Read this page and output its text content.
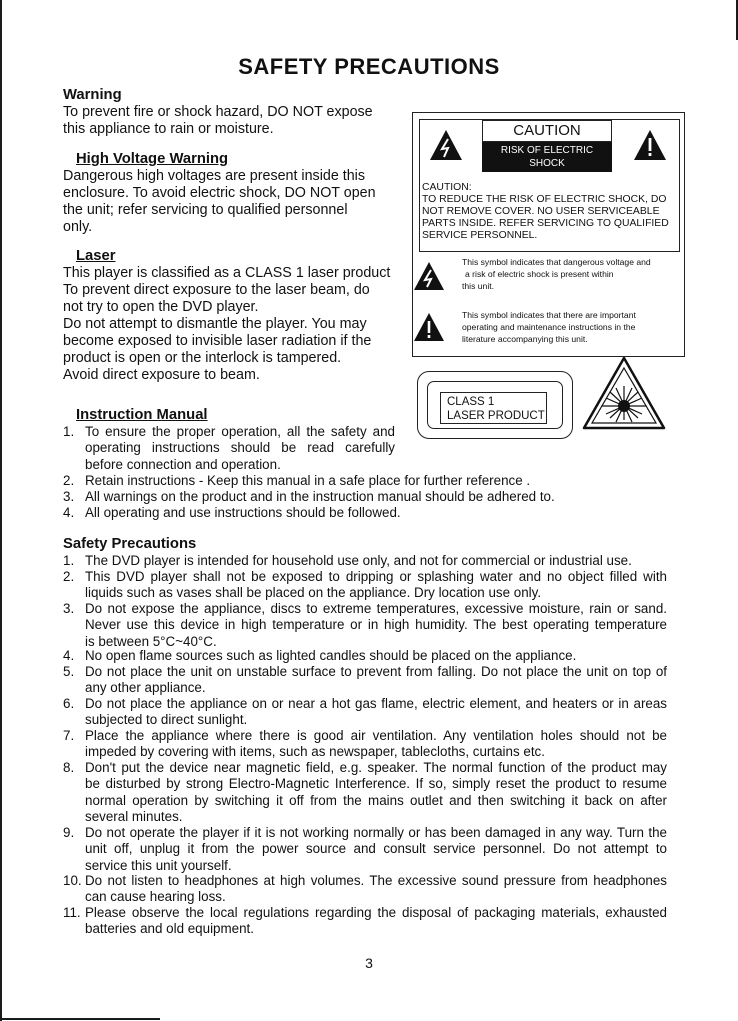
SAFETY PRECAUTIONS
Warning
To prevent fire or shock hazard, DO NOT expose
this appliance to rain or moisture.
High Voltage Warning
Dangerous high voltages are present inside this
enclosure. To avoid electric shock, DO NOT open
the unit; refer servicing to qualified personnel
only.
Laser
This player is classified as a CLASS 1 laser product
To prevent direct exposure to the laser beam, do
not try to open the DVD player.
Do not attempt to dismantle the player. You may
become exposed to invisible laser radiation if the
product is open or the interlock is tampered.
Avoid direct exposure to beam.
CAUTION
RISK OF ELECTRIC SHOCK
DO NOT OPEN
CAUTION:
TO REDUCE THE RISK OF ELECTRIC SHOCK, DO
NOT REMOVE COVER. NO USER SERVICEABLE
PARTS INSIDE. REFER SERVICING TO QUALIFIED
SERVICE PERSONNEL.
This symbol indicates that dangerous voltage and
a risk of electric shock is present within
this unit.
This symbol indicates that there are important
operating and maintenance instructions in the
literature accompanying this unit.
CLASS 1
LASER PRODUCT
Instruction Manual
1. To ensure the proper operation, all the safety and
operating instructions should be read carefully
before connection and operation.
2. Retain instructions - Keep this manual in a safe place for further reference .
3. All warnings on the product and in the instruction manual should be adhered to.
4. All operating and use instructions should be followed.
Safety Precautions
1. The DVD player is intended for household use only, and not for commercial or industrial use.
2. This DVD player shall not be exposed to dripping or splashing water and no object filled with
liquids such as vases shall be placed on the appliance. Dry location use only.
3. Do not expose the appliance, discs to extreme temperatures, excessive moisture, rain or sand.
Never use this device in high temperature or in high humidity. The best operating temperature
is between 5°C~40°C.
4. No open flame sources such as lighted candles should be placed on the appliance.
5. Do not place the unit on unstable surface to prevent from falling. Do not place the unit on top of
any other appliance.
6. Do not place the appliance on or near a hot gas flame, electric element, and heaters or in areas
subjected to direct sunlight.
7. Place the appliance where there is good air ventilation. Any ventilation holes should not be
impeded by covering with items, such as newspaper, tablecloths, curtains etc.
8. Don't put the device near magnetic field, e.g. speaker. The normal function of the product may
be disturbed by strong Electro-Magnetic Interference. If so, simply reset the product to resume
normal operation by switching it off from the mains outlet and then switching it back on after
several minutes.
9. Do not operate the player if it is not working normally or has been damaged in any way. Turn the
unit off, unplug it from the power source and consult service personnel. Do not attempt to
service this unit yourself.
10. Do not listen to headphones at high volumes. The excessive sound pressure from headphones
can cause hearing loss.
11. Please observe the local regulations regarding the disposal of packaging materials, exhausted
batteries and old equipment.
3
